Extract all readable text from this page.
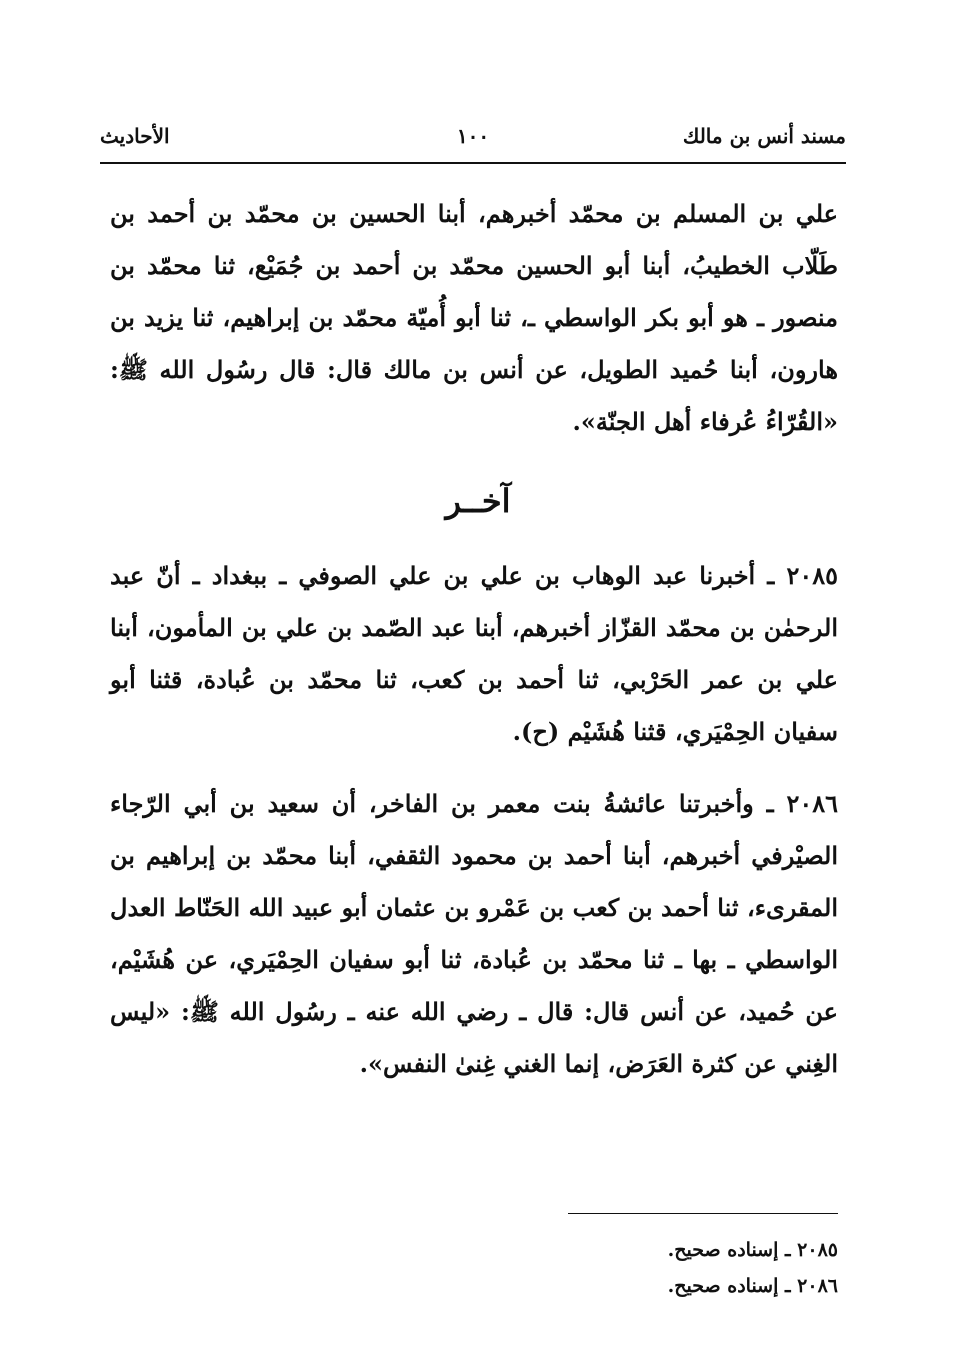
مسند أنس بن مالك
١٠٠
الأحاديث
علي بن المسلم بن محمّد أخبرهم، أبنا الحسين بن محمّد بن أحمد بن طَلّاب الخطيبُ، أبنا أبو الحسين محمّد بن أحمد بن جُمَيْع، ثنا محمّد بن منصور ـ هو أبو بكر الواسطي ـ، ثنا أبو أُميّة محمّد بن إبراهيم، ثنا يزيد بن هارون، أبنا حُميد الطويل، عن أنس بن مالك قال: قال رسُول الله ﷺ: «القُرّاءُ عُرفاء أهل الجنّة».
آخــر
٢٠٨٥ ـ أخبرنا عبد الوهاب بن علي بن علي الصوفي ـ ببغداد ـ أنّ عبد الرحمٰن بن محمّد القزّاز أخبرهم، أبنا عبد الصّمد بن علي بن المأمون، أبنا علي بن عمر الحَرْبي، ثنا أحمد بن كعب، ثنا محمّد بن عُبادة، قثنا أبو سفيان الحِمْيَري، قثنا هُشَيْم (ح).
٢٠٨٦ ـ وأخبرتنا عائشةُ بنت معمر بن الفاخر، أن سعيد بن أبي الرّجاء الصيْرفي أخبرهم، أبنا أحمد بن محمود الثقفي، أبنا محمّد بن إبراهيم بن المقرىء، ثنا أحمد بن كعب بن عَمْرو بن عثمان أبو عبيد الله الحَنّاط العدل الواسطي ـ بها ـ ثنا محمّد بن عُبادة، ثنا أبو سفيان الحِمْيَري، عن هُشَيْم، عن حُميد، عن أنس قال: قال ـ رضي الله عنه ـ رسُول الله ﷺ: «ليس الغِني عن كثرة العَرَض، إنما الغني غِنىٰ النفس».
٢٠٨٥ ـ إسناده صحيح.
٢٠٨٦ ـ إسناده صحيح.
